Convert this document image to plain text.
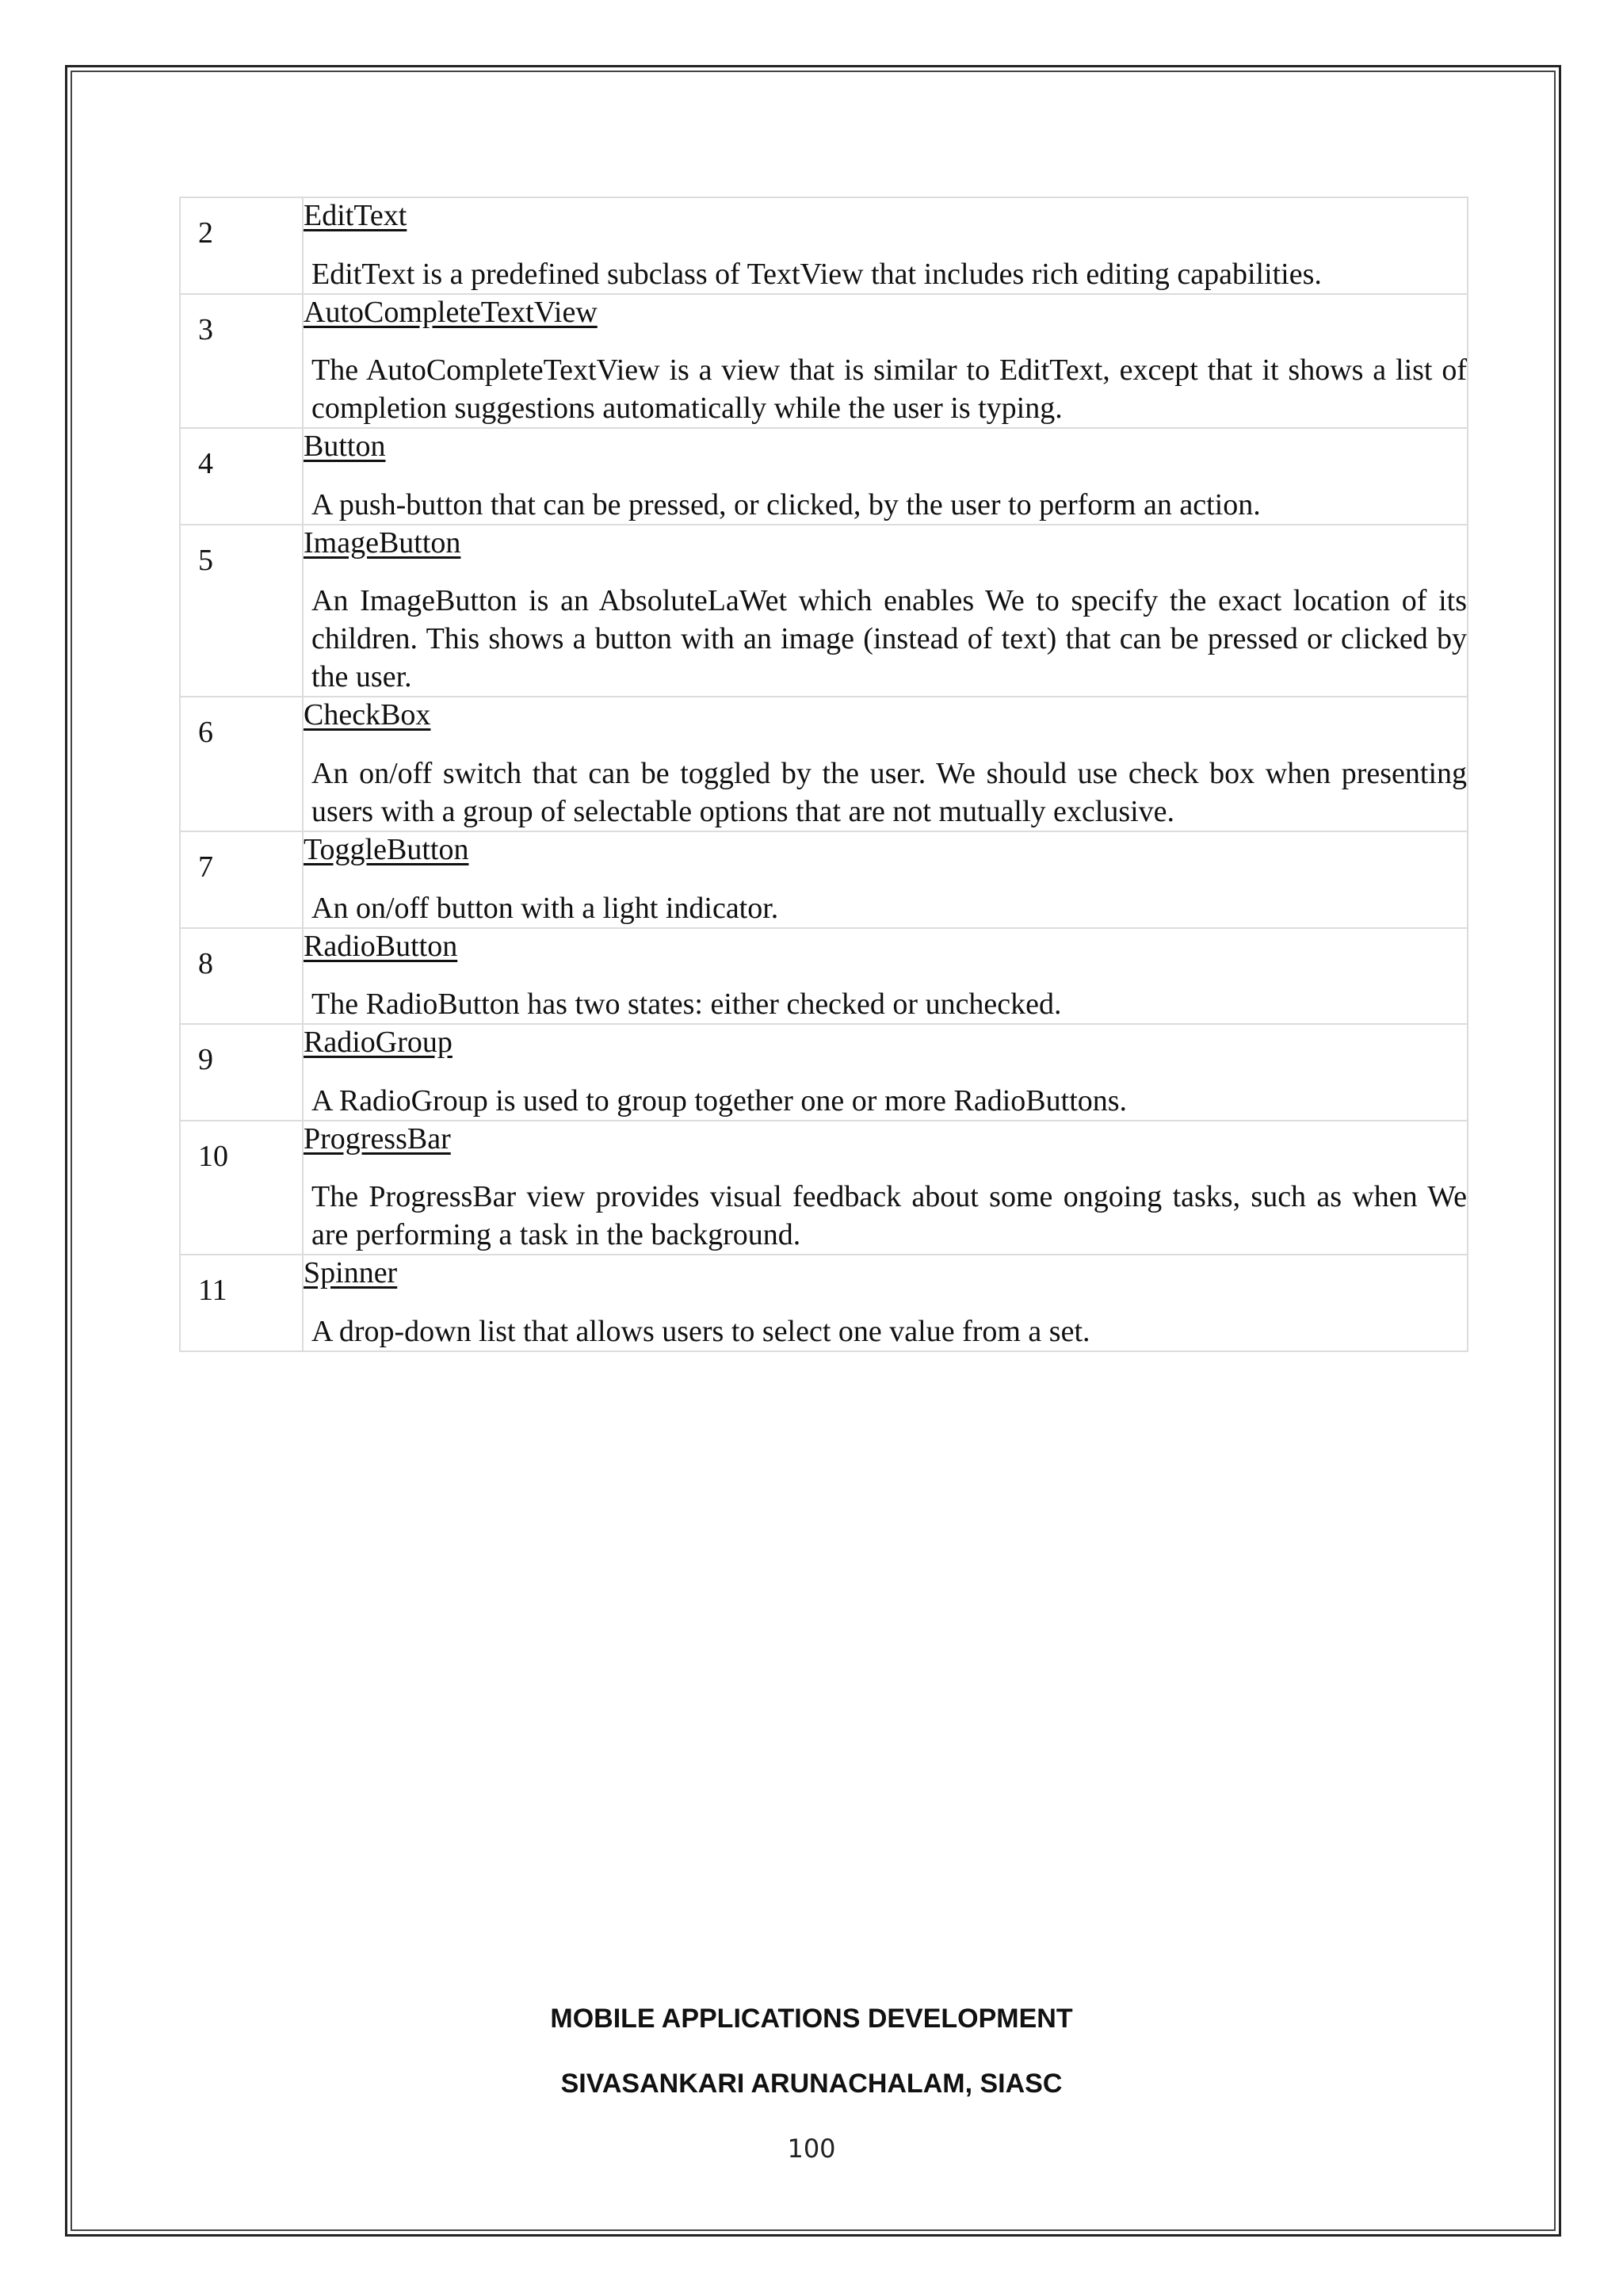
2	EditText
EditText is a predefined subclass of TextView that includes rich editing capabilities.

3	AutoCompleteTextView
The AutoCompleteTextView is a view that is similar to EditText, except that it shows a list of completion suggestions automatically while the user is typing.

4	Button
A push-button that can be pressed, or clicked, by the user to perform an action.

5	ImageButton
An ImageButton is an AbsoluteLaWet which enables We to specify the exact location of its children. This shows a button with an image (instead of text) that can be pressed or clicked by the user.

6	CheckBox
An on/off switch that can be toggled by the user. We should use check box when presenting users with a group of selectable options that are not mutually exclusive.

7	ToggleButton
An on/off button with a light indicator.

8	RadioButton
The RadioButton has two states: either checked or unchecked.

9	RadioGroup
A RadioGroup is used to group together one or more RadioButtons.

10	ProgressBar
The ProgressBar view provides visual feedback about some ongoing tasks, such as when We are performing a task in the background.

11	Spinner
A drop-down list that allows users to select one value from a set.
MOBILE APPLICATIONS DEVELOPMENT
SIVASANKARI ARUNACHALAM, SIASC
100
